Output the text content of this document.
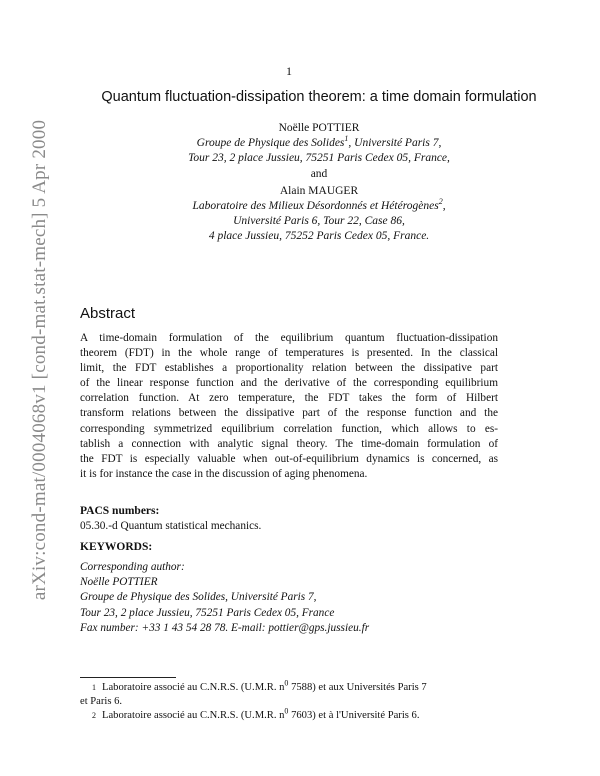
arXiv:cond-mat/0004068v1 [cond-mat.stat-mech] 5 Apr 2000
1
Quantum fluctuation-dissipation theorem: a time domain formulation
Noëlle POTTIER
Groupe de Physique des Solides$^1$, Université Paris 7,
Tour 23, 2 place Jussieu, 75251 Paris Cedex 05, France,
and
Alain MAUGER
Laboratoire des Milieux Désordonnés et Hétérogènes$^2$,
Université Paris 6, Tour 22, Case 86,
4 place Jussieu, 75252 Paris Cedex 05, France.
Abstract
A time-domain formulation of the equilibrium quantum fluctuation-dissipation
theorem (FDT) in the whole range of temperatures is presented. In the classical
limit, the FDT establishes a proportionality relation between the dissipative part
of the linear response function and the derivative of the corresponding equilibrium
correlation function. At zero temperature, the FDT takes the form of Hilbert
transform relations between the dissipative part of the response function and the
corresponding symmetrized equilibrium correlation function, which allows to es-
tablish a connection with analytic signal theory. The time-domain formulation of
the FDT is especially valuable when out-of-equilibrium dynamics is concerned, as
it is for instance the case in the discussion of aging phenomena.
PACS numbers:
05.30.-d Quantum statistical mechanics.
KEYWORDS:
Corresponding author:
Noëlle POTTIER
Groupe de Physique des Solides, Université Paris 7,
Tour 23, 2 place Jussieu, 75251 Paris Cedex 05, France
Fax number: +33 1 43 54 28 78. E-mail: pottier@gps.jussieu.fr
$^1$ Laboratoire associé au C.N.R.S. (U.M.R. $n^0$ 7588) et aux Universités Paris 7
et Paris 6.
$^2$ Laboratoire associé au C.N.R.S. (U.M.R. $n^0$ 7603) et à l'Université Paris 6.
